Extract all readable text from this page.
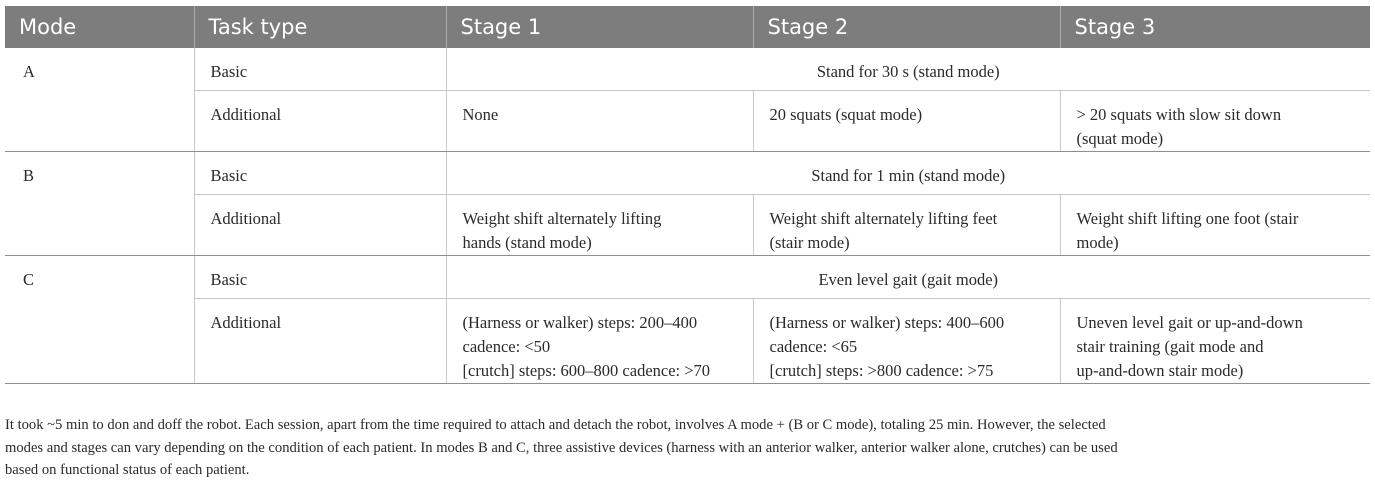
Mode	Task type	Stage 1	Stage 2	Stage 3
A	Basic	Stand for 30 s (stand mode)		
	Additional	None	20 squats (squat mode)	> 20 squats with slow sit down
(squat mode)

B	Basic	Stand for 1 min (stand mode)		
	Additional	Weight shift alternately lifting
hands (stand mode)	Weight shift alternately lifting feet
(stair mode)	Weight shift lifting one foot (stair
mode)

C	Basic	Even level gait (gait mode)		
	Additional	(Harness or walker) steps: 200–400
cadence: <50
[crutch] steps: 600–800 cadence: >70	(Harness or walker) steps: 400–600
cadence: <65
[crutch] steps: >800 cadence: >75	Uneven level gait or up-and-down
stair training (gait mode and
up-and-down stair mode)
It took ~5 min to don and doff the robot. Each session, apart from the time required to attach and detach the robot, involves A mode + (B or C mode), totaling 25 min. However, the selected
modes and stages can vary depending on the condition of each patient. In modes B and C, three assistive devices (harness with an anterior walker, anterior walker alone, crutches) can be used
based on functional status of each patient.
